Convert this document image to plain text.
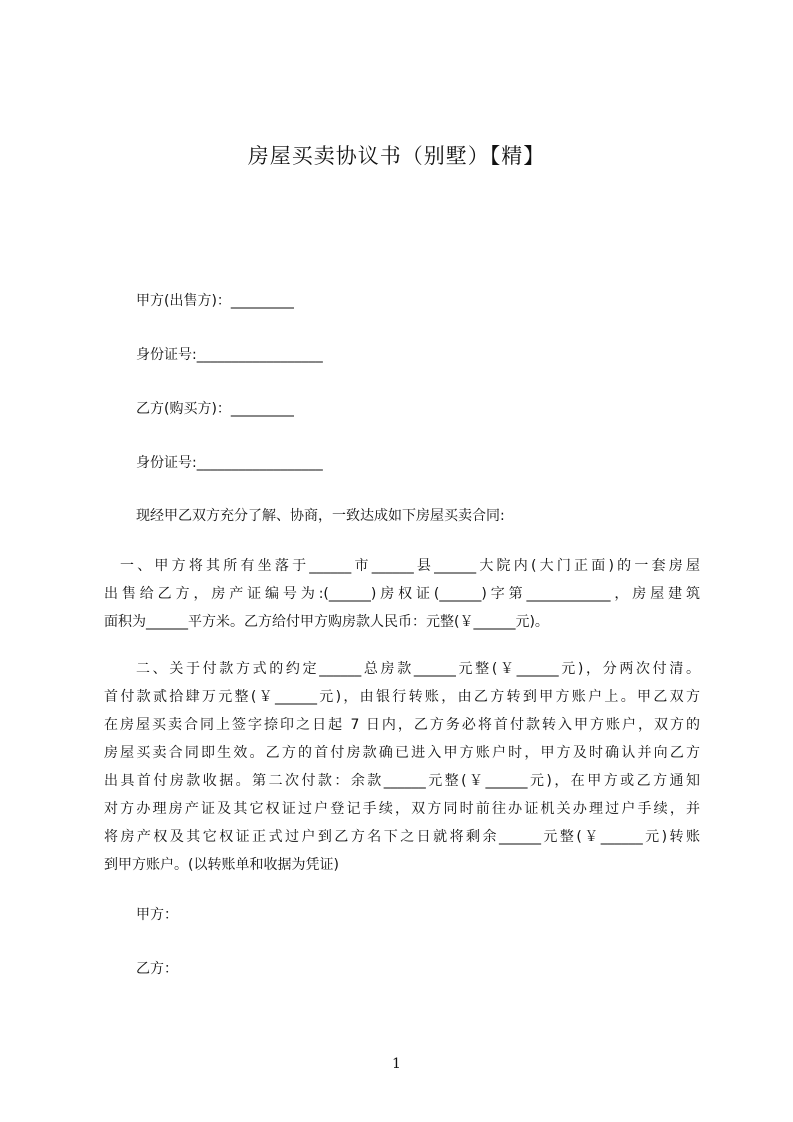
房屋买卖协议书（别墅）【精】
甲方(出售方)：_________
身份证号:__________________
乙方(购买方)：_________
身份证号:__________________
现经甲乙双方充分了解、协商，一致达成如下房屋买卖合同:
一、甲方将其所有坐落于______市______县______大院内(大门正面)的一套房屋
出售给乙方，房产证编号为:(______)房权证(______)字第____________，房屋建筑
面积为______平方米。乙方给付甲方购房款人民币：元整(￥______元)。
二、关于付款方式的约定______总房款______元整(￥______元)，分两次付清。
首付款贰拾肆万元整(￥______元)，由银行转账，由乙方转到甲方账户上。甲乙双方
在房屋买卖合同上签字捺印之日起 7 日内，乙方务必将首付款转入甲方账户，双方的
房屋买卖合同即生效。乙方的首付房款确已进入甲方账户时，甲方及时确认并向乙方
出具首付房款收据。第二次付款：余款______元整(￥______元)，在甲方或乙方通知
对方办理房产证及其它权证过户登记手续，双方同时前往办证机关办理过户手续，并
将房产权及其它权证正式过户到乙方名下之日就将剩余______元整(￥______元)转账
到甲方账户。(以转账单和收据为凭证)
甲方：
乙方：
1
